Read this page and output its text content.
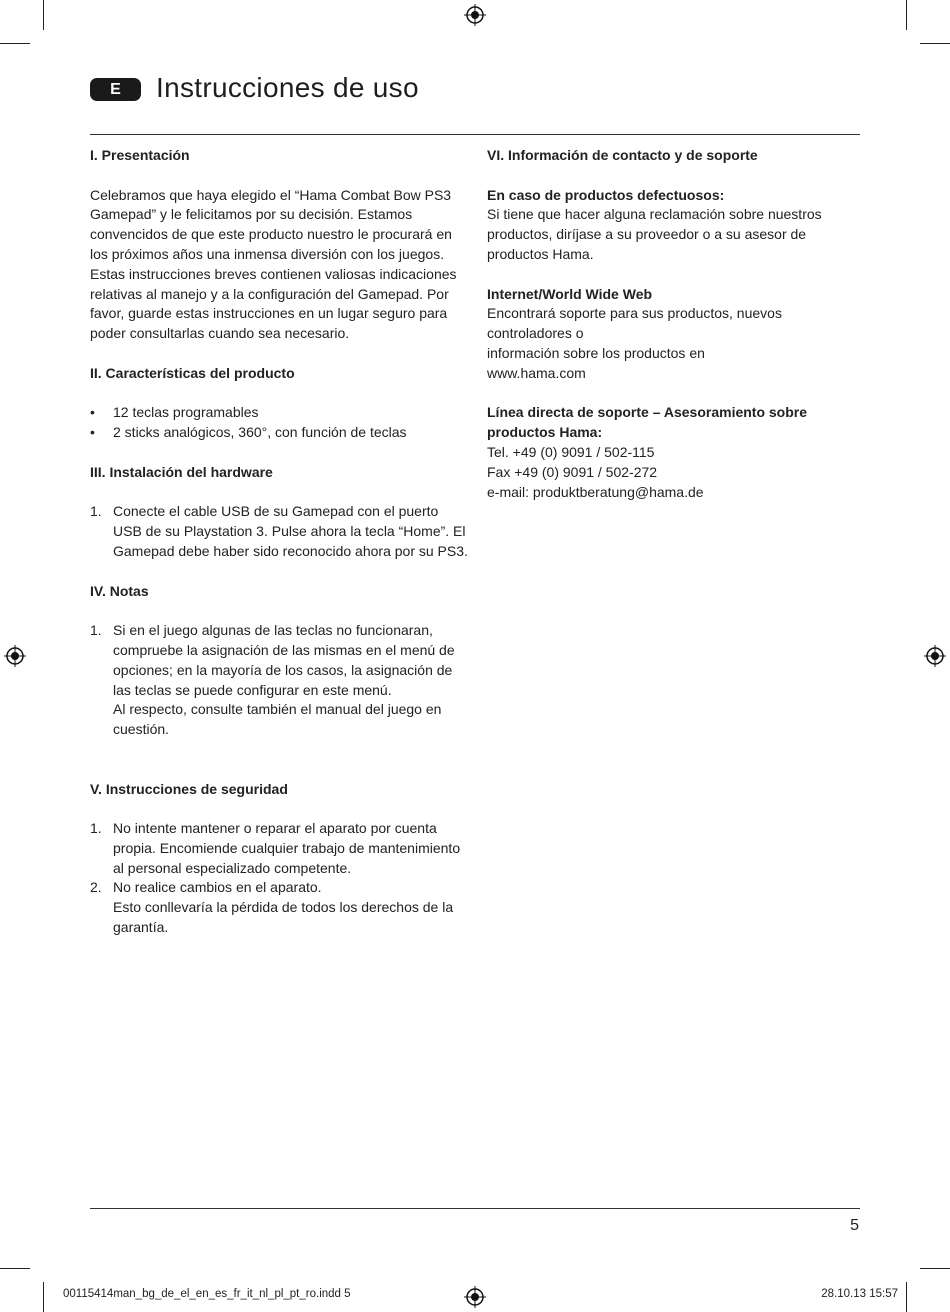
E	Instrucciones de uso
I. Presentación

Celebramos que haya elegido el “Hama Combat Bow PS3 Gamepad” y le felicitamos por su decisión. Estamos convencidos de que este producto nuestro le procurará en los próximos años una inmensa diversión con los juegos. Estas instrucciones breves contienen valiosas indicaciones relativas al manejo y a la configuración del Gamepad. Por favor, guarde estas instrucciones en un lugar seguro para poder consultarlas cuando sea necesario.

II. Características del producto
• 12 teclas programables
• 2 sticks analógicos, 360°, con función de teclas
III. Instalación del hardware
1. Conecte el cable USB de su Gamepad con el puerto USB de su Playstation 3. Pulse ahora la tecla “Home”. El Gamepad debe haber sido reconocido ahora por su PS3.
IV. Notas
1. Si en el juego algunas de las teclas no funcionaran, compruebe la asignación de las mismas en el menú de opciones; en la mayoría de los casos, la asignación de las teclas se puede configurar en este menú.
Al respecto, consulte también el manual del juego en cuestión.
V. Instrucciones de seguridad
1. No intente mantener o reparar el aparato por cuenta propia. Encomiende cualquier trabajo de mantenimiento al personal especializado competente.
2. No realice cambios en el aparato.
Esto conllevaría la pérdida de todos los derechos de la garantía.
VI. Información de contacto y de soporte

En caso de productos defectuosos:

Si tiene que hacer alguna reclamación sobre nuestros productos, diríjase a su proveedor o a su asesor de productos Hama.

Internet/World Wide Web

Encontrará soporte para sus productos, nuevos controladores o

información sobre los productos en

www.hama.com

Línea directa de soporte – Asesoramiento sobre productos Hama:

Tel. +49 (0) 9091 / 502-115

Fax +49 (0) 9091 / 502-272

e-mail: produktberatung@hama.de

5
00115414man_bg_de_el_en_es_fr_it_nl_pl_pt_ro.indd 5	28.10.13 15:57
